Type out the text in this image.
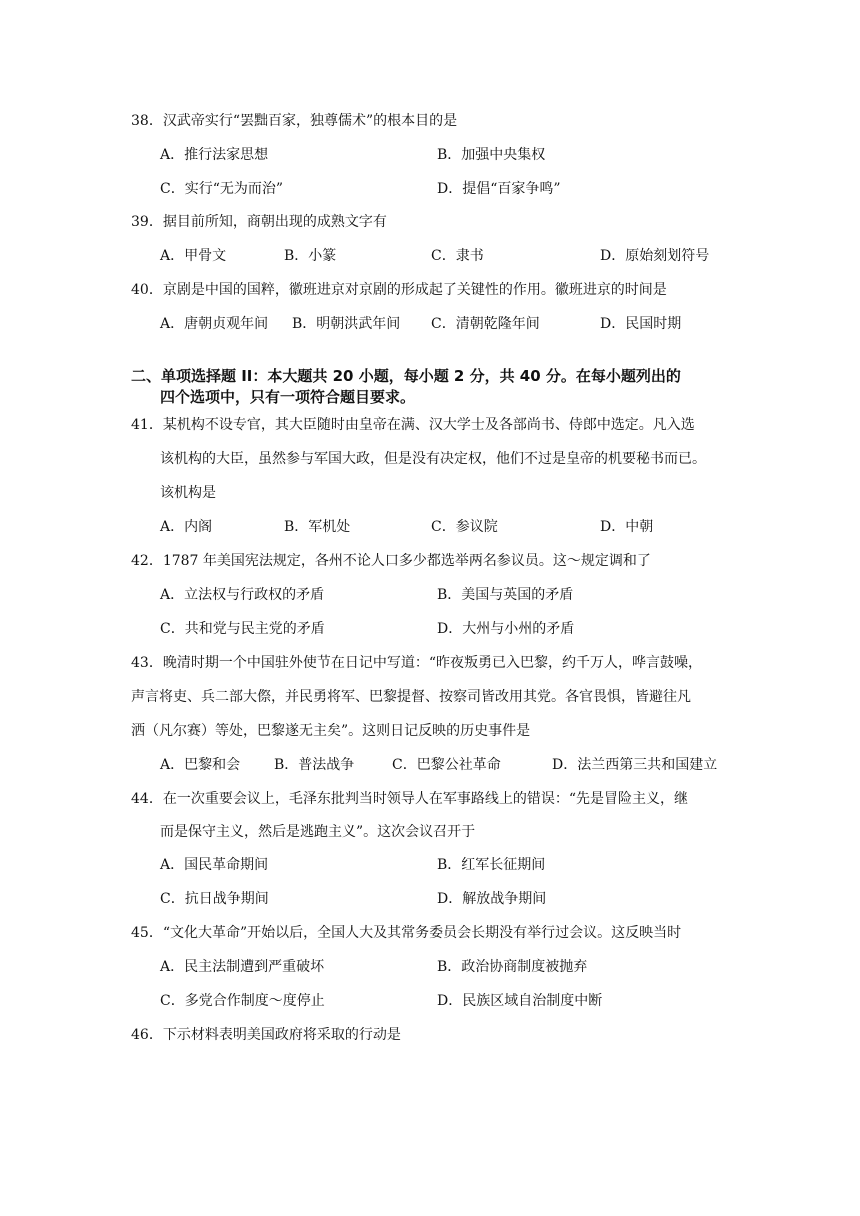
38．汉武帝实行“罢黜百家，独尊儒术”的根本目的是
A．推行法家思想	B．加强中央集权
C．实行“无为而治”	D．提倡“百家争鸣”
39．据目前所知，商朝出现的成熟文字有
A．甲骨文	B．小篆	C．隶书	D．原始刻划符号
40．京剧是中国的国粹，徽班进京对京剧的形成起了关键性的作用。徽班进京的时间是
A．唐朝贞观年间 B．明朝洪武年间 C．清朝乾隆年间	D．民国时期
二、单项选择题 II：本大题共 20 小题，每小题 2 分，共 40 分。在每小题列出的
四个选项中，只有一项符合题目要求。
41．某机构不设专官，其大臣随时由皇帝在满、汉大学士及各部尚书、侍郎中选定。凡入选
该机构的大臣，虽然参与军国大政，但是没有决定权，他们不过是皇帝的机要秘书而已。
该机构是
A．内阁	B．军机处	C．参议院	D．中朝
42．1787 年美国宪法规定，各州不论人口多少都选举两名参议员。这～规定调和了
A．立法权与行政权的矛盾	B．美国与英国的矛盾
C．共和党与民主党的矛盾	D．大州与小州的矛盾
43．晚清时期一个中国驻外使节在日记中写道：“昨夜叛勇已入巴黎，约千万人，哗言鼓噪，
声言将吏、兵二部大傺，并民勇将军、巴黎提督、按察司皆改用其党。各官畏惧，皆避往凡
洒（凡尔赛）等处，巴黎遂无主矣”。这则日记反映的历史事件是
A．巴黎和会 B．普法战争	C．巴黎公社革命	D．法兰西第三共和国建立
44．在一次重要会议上，毛泽东批判当时领导人在军事路线上的错误：“先是冒险主义，继
而是保守主义，然后是逃跑主义”。这次会议召开于
A．国民革命期间	B．红军长征期间
C．抗日战争期间	D．解放战争期间
45．“文化大革命”开始以后，全国人大及其常务委员会长期没有举行过会议。这反映当时
A．民主法制遭到严重破坏	B．政治协商制度被抛弃
C．多党合作制度～度停止	D．民族区域自治制度中断
46．下示材料表明美国政府将采取的行动是
